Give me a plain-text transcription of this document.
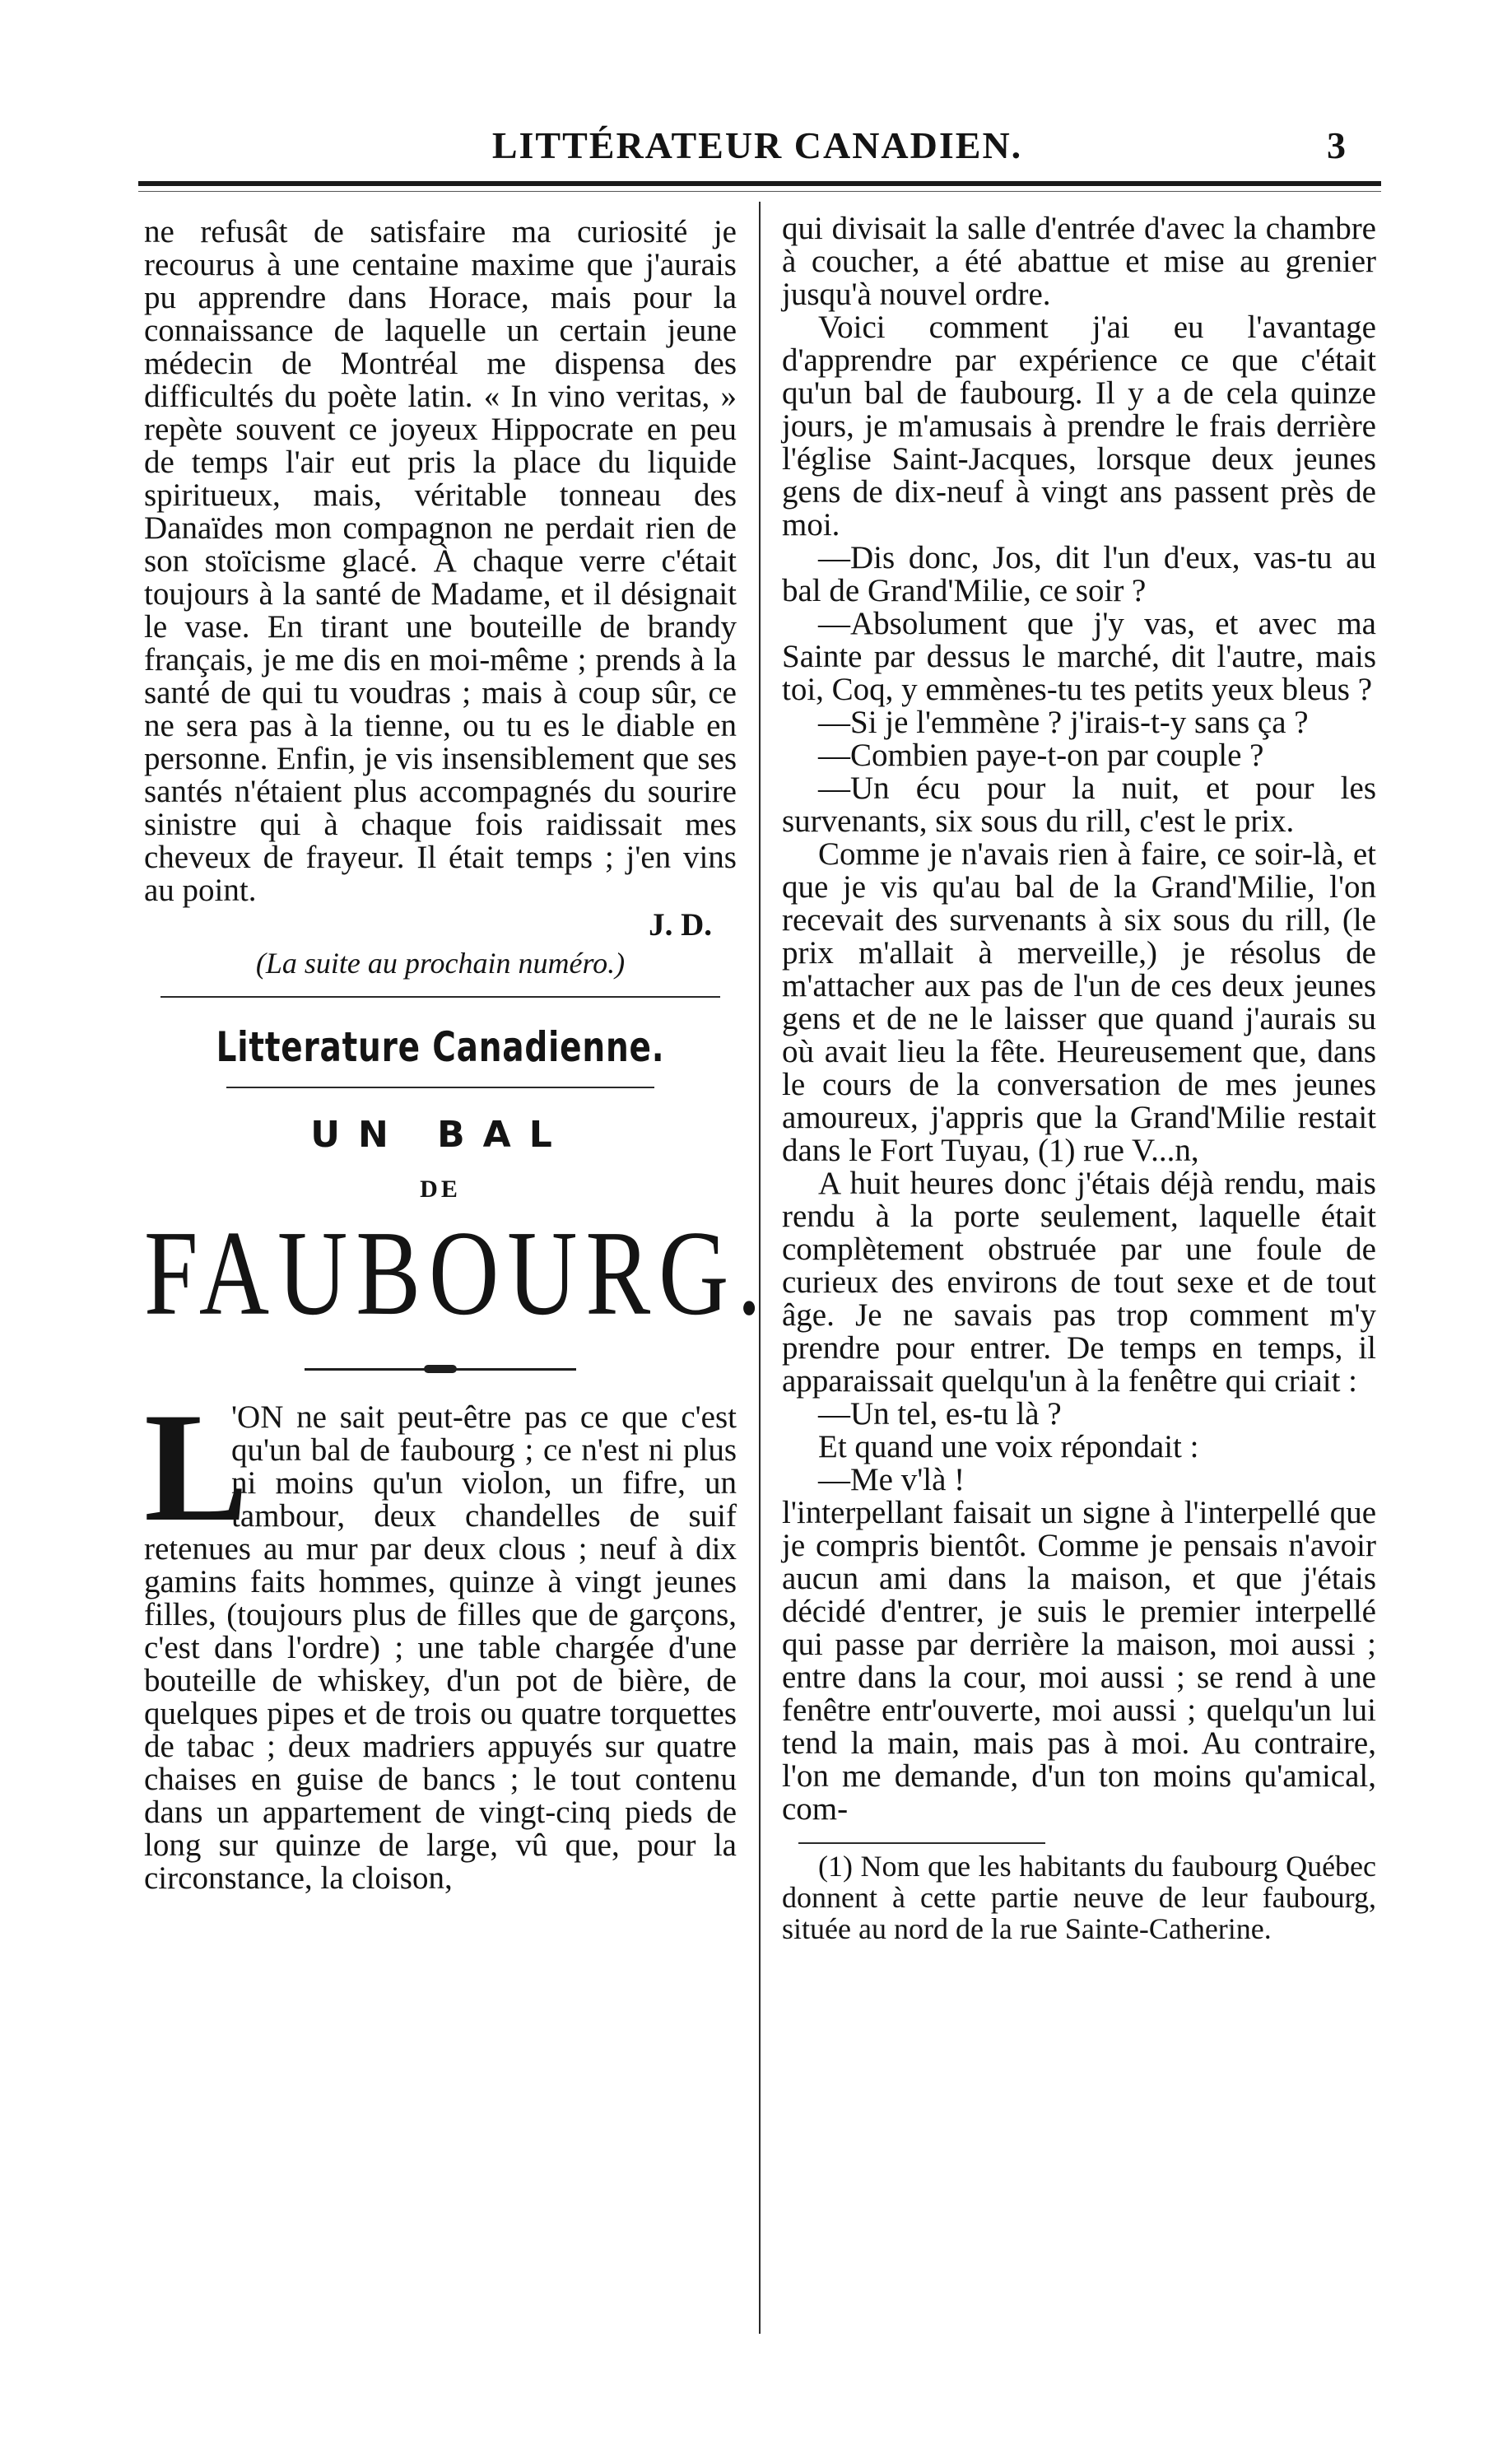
LITTÉRATEUR CANADIEN.	3

ne refusât de satisfaire ma curiosité je recourus à une centaine maxime que j'aurais pu apprendre dans Horace, mais pour la connaissance de laquelle un certain jeune médecin de Montréal me dispensa des difficultés du poète latin. « In vino veritas, » repète souvent ce joyeux Hippocrate en peu de temps l'air eut pris la place du liquide spiritueux, mais, véritable tonneau des Danaïdes mon compagnon ne perdait rien de son stoïcisme glacé. À chaque verre c'était toujours à la santé de Madame, et il désignait le vase. En tirant une bouteille de brandy français, je me dis en moi-même ; prends à la santé de qui tu voudras ; mais à coup sûr, ce ne sera pas à la tienne, ou tu es le diable en personne. Enfin, je vis insensiblement que ses santés n'étaient plus accompagnés du sourire sinistre qui à chaque fois raidissait mes cheveux de frayeur. Il était temps ; j'en vins au point.

J. D.

(La suite au prochain numéro.)

Litterature Canadienne.

UN BAL

DE

FAUBOURG.

L
'ON ne sait peut-être pas ce que c'est qu'un bal de faubourg ; ce n'est ni plus ni moins qu'un violon, un fifre, un tambour, deux chandelles de suif retenues au mur par deux clous ; neuf à dix gamins faits hommes, quinze à vingt jeunes filles, (toujours plus de filles que de garçons, c'est dans l'ordre) ; une table chargée d'une bouteille de whiskey, d'un pot de bière, de quelques pipes et de trois ou quatre torquettes de tabac ; deux madriers appuyés sur quatre chaises en guise de bancs ; le tout contenu dans un appartement de vingt-cinq pieds de long sur quinze de large, vû que, pour la circonstance, la cloison,

qui divisait la salle d'entrée d'avec la chambre à coucher, a été abattue et mise au grenier jusqu'à nouvel ordre.

Voici comment j'ai eu l'avantage d'apprendre par expérience ce que c'était qu'un bal de faubourg. Il y a de cela quinze jours, je m'amusais à prendre le frais derrière l'église Saint-Jacques, lorsque deux jeunes gens de dix-neuf à vingt ans passent près de moi.

—Dis donc, Jos, dit l'un d'eux, vas-tu au bal de Grand'Milie, ce soir ?

—Absolument que j'y vas, et avec ma Sainte par dessus le marché, dit l'autre, mais toi, Coq, y emmènes-tu tes petits yeux bleus ?

—Si je l'emmène ? j'irais-t-y sans ça ?

—Combien paye-t-on par couple ?

—Un écu pour la nuit, et pour les survenants, six sous du rill, c'est le prix.

Comme je n'avais rien à faire, ce soir-là, et que je vis qu'au bal de la Grand'Milie, l'on recevait des survenants à six sous du rill, (le prix m'allait à merveille,) je résolus de m'attacher aux pas de l'un de ces deux jeunes gens et de ne le laisser que quand j'aurais su où avait lieu la fête. Heureusement que, dans le cours de la conversation de mes jeunes amoureux, j'appris que la Grand'Milie restait dans le Fort Tuyau, (1) rue V...n,

A huit heures donc j'étais déjà rendu, mais rendu à la porte seulement, laquelle était complètement obstruée par une foule de curieux des environs de tout sexe et de tout âge. Je ne savais pas trop comment m'y prendre pour entrer. De temps en temps, il apparaissait quelqu'un à la fenêtre qui criait :

—Un tel, es-tu là ?

Et quand une voix répondait :

—Me v'là !

l'interpellant faisait un signe à l'interpellé que je compris bientôt. Comme je pensais n'avoir aucun ami dans la maison, et que j'étais décidé d'entrer, je suis le premier interpellé qui passe par derrière la maison, moi aussi ; entre dans la cour, moi aussi ; se rend à une fenêtre entr'ouverte, moi aussi ; quelqu'un lui tend la main, mais pas à moi. Au contraire, l'on me demande, d'un ton moins qu'amical, com-

(1) Nom que les habitants du faubourg Québec donnent à cette partie neuve de leur faubourg, située au nord de la rue Sainte-Catherine.
